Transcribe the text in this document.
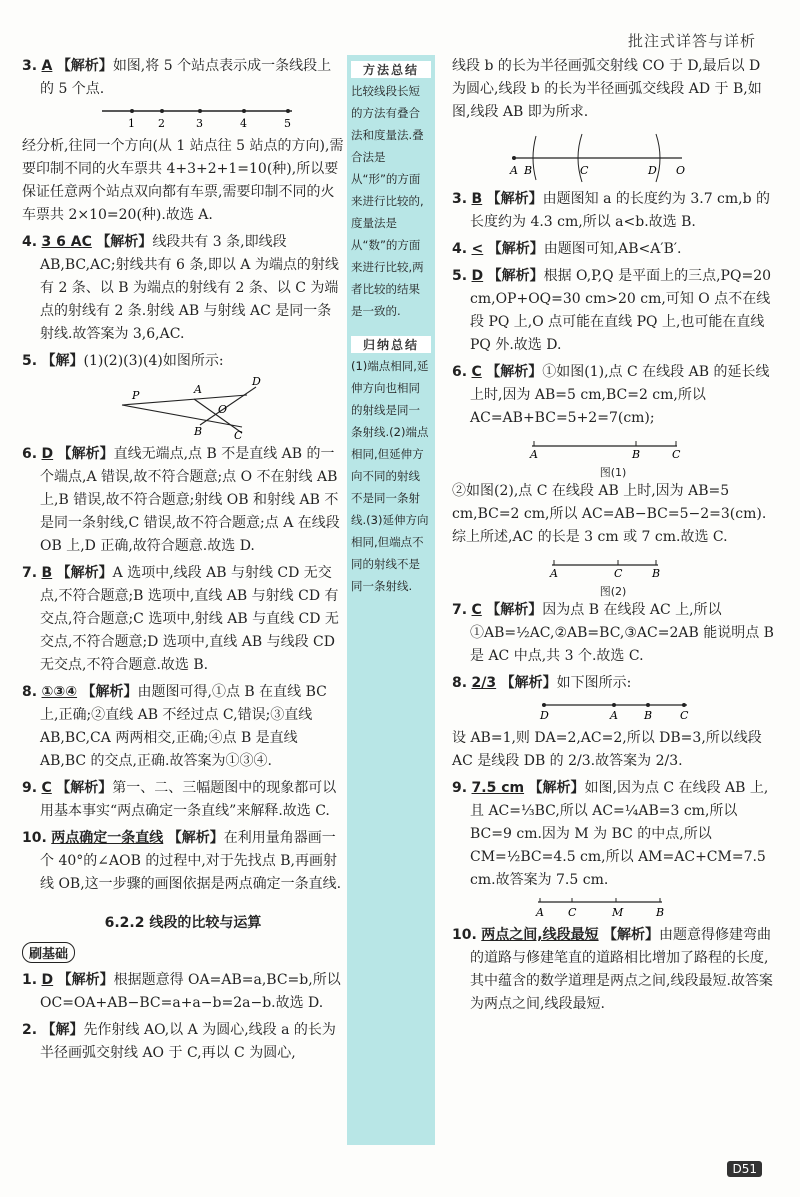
批注式详答与详析

3. A 【解析】如图,将 5 个站点表示成一条线段上的 5 个点.

1 2	3	4	5

经分析,往同一个方向(从 1 站点往 5 站点的方向),需要印制不同的火车票共 4+3+2+1=10(种),所以要保证任意两个站点双向都有车票,需要印制不同的火车票共 2×10=20(种).故选 A.

4. 3 6 AC 【解析】线段共有 3 条,即线段 AB,BC,AC;射线共有 6 条,即以 A 为端点的射线有 2 条、以 B 为端点的射线有 2 条、以 C 为端点的射线有 2 条.射线 AB 与射线 AC 是同一条射线.故答案为 3,6,AC.

5. 【解】(1)(2)(3)(4)如图所示:

P	A
D
O
B	C

6. D 【解析】直线无端点,点 B 不是直线 AB 的一个端点,A 错误,故不符合题意;点 O 不在射线 AB 上,B 错误,故不符合题意;射线 OB 和射线 AB 不是同一条射线,C 错误,故不符合题意;点 A 在线段 OB 上,D 正确,故符合题意.故选 D.

7. B 【解析】A 选项中,线段 AB 与射线 CD 无交点,不符合题意;B 选项中,直线 AB 与射线 CD 有交点,符合题意;C 选项中,射线 AB 与直线 CD 无交点,不符合题意;D 选项中,直线 AB 与线段 CD 无交点,不符合题意.故选 B.

8. ①③④ 【解析】由题图可得,①点 B 在直线 BC 上,正确;②直线 AB 不经过点 C,错误;③直线 AB,BC,CA 两两相交,正确;④点 B 是直线 AB,BC 的交点,正确.故答案为①③④.

9. C 【解析】第一、二、三幅题图中的现象都可以用基本事实“两点确定一条直线”来解释.故选 C.

10. 两点确定一条直线 【解析】在利用量角器画一个 40°的∠AOB 的过程中,对于先找点 B,再画射线 OB,这一步骤的画图依据是两点确定一条直线.

6.2.2 线段的比较与运算
刷基础

1. D 【解析】根据题意得 OA=AB=a,BC=b,所以 OC=OA+AB−BC=a+a−b=2a−b.故选 D.

2. 【解】先作射线 AO,以 A 为圆心,线段 a 的长为半径画弧交射线 AO 于 C,再以 C 为圆心,

方法总结
比较线段长短的方法有叠合法和度量法.叠合法是从“形”的方面来进行比较的,度量法是从“数”的方面来进行比较,两者比较的结果是一致的.
归纳总结
(1)端点相同,延伸方向也相同的射线是同一条射线.(2)端点相同,但延伸方向不同的射线不是同一条射线.(3)延伸方向相同,但端点不同的射线不是同一条射线.

线段 b 的长为半径画弧交射线 CO 于 D,最后以 D 为圆心,线段 b 的长为半径画弧交线段 AD 于 B,如图,线段 AB 即为所求.

A B	C	D O

3. B 【解析】由题图知 a 的长度约为 3.7 cm,b 的长度约为 4.3 cm,所以 a<b.故选 B.

4. < 【解析】由题图可知,AB<A′B′.

5. D 【解析】根据 O,P,Q 是平面上的三点,PQ=20 cm,OP+OQ=30 cm>20 cm,可知 O 点不在线段 PQ 上,O 点可能在直线 PQ 上,也可能在直线 PQ 外.故选 D.

6. C 【解析】①如图(1),点 C 在线段 AB 的延长线上时,因为 AB=5 cm,BC=2 cm,所以 AC=AB+BC=5+2=7(cm);

A	B	C
图(1)

②如图(2),点 C 在线段 AB 上时,因为 AB=5 cm,BC=2 cm,所以 AC=AB−BC=5−2=3(cm).综上所述,AC 的长是 3 cm 或 7 cm.故选 C.

A	C	B
图(2)

7. C 【解析】因为点 B 在线段 AC 上,所以 ①AB=½AC,②AB=BC,③AC=2AB 能说明点 B 是 AC 中点,共 3 个.故选 C.

8. 2/3 【解析】如下图所示:

D	A B	C

设 AB=1,则 DA=2,AC=2,所以 DB=3,所以线段 AC 是线段 DB 的 2/3.故答案为 2/3.

9. 7.5 cm 【解析】如图,因为点 C 在线段 AB 上,且 AC=⅓BC,所以 AC=¼AB=3 cm,所以 BC=9 cm.因为 M 为 BC 的中点,所以 CM=½BC=4.5 cm,所以 AM=AC+CM=7.5 cm.故答案为 7.5 cm.

A C	M	B

10. 两点之间,线段最短 【解析】由题意得修建弯曲的道路与修建笔直的道路相比增加了路程的长度,其中蕴含的数学道理是两点之间,线段最短.故答案为两点之间,线段最短.

D51
